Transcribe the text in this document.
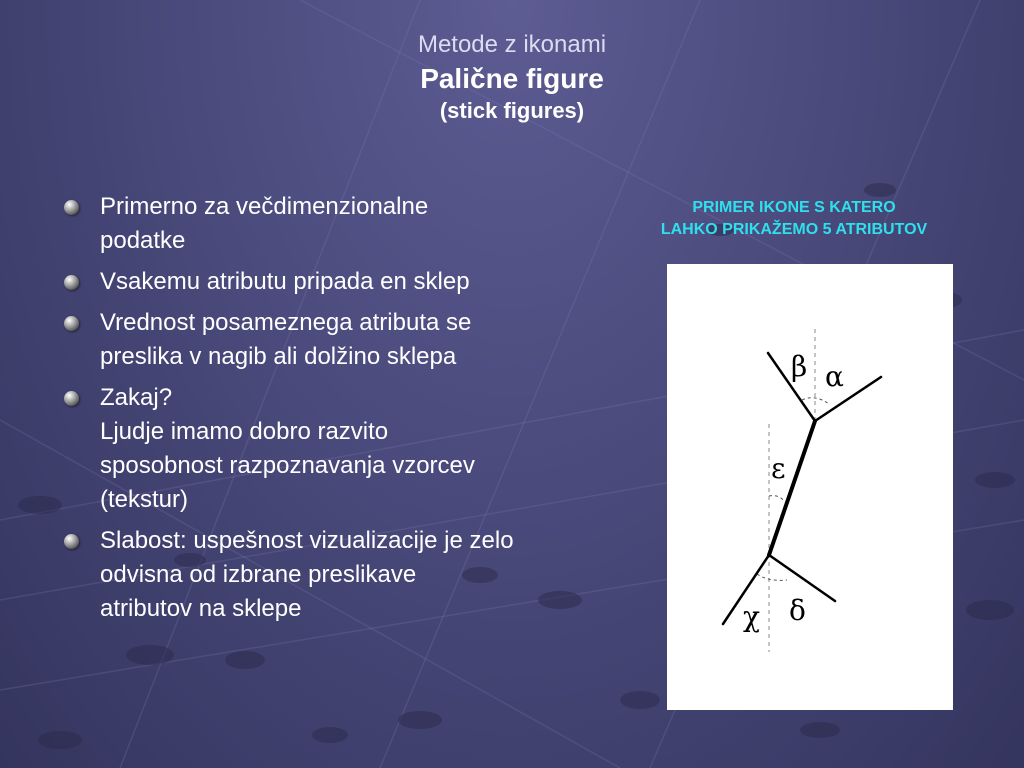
Metode z ikonami
Palične figure
(stick figures)
Primerno za večdimenzionalne
podatke
Vsakemu atributu pripada en sklep
Vrednost posameznega atributa se
preslika v nagib ali dolžino sklepa
Zakaj?
Ljudje imamo dobro razvito
sposobnost razpoznavanja vzorcev
(tekstur)
Slabost: uspešnost vizualizacije je zelo
odvisna od izbrane preslikave
atributov na sklepe
PRIMER IKONE S KATERO
LAHKO PRIKAŽEMO 5 ATRIBUTOV
β α
ε
χ δ
